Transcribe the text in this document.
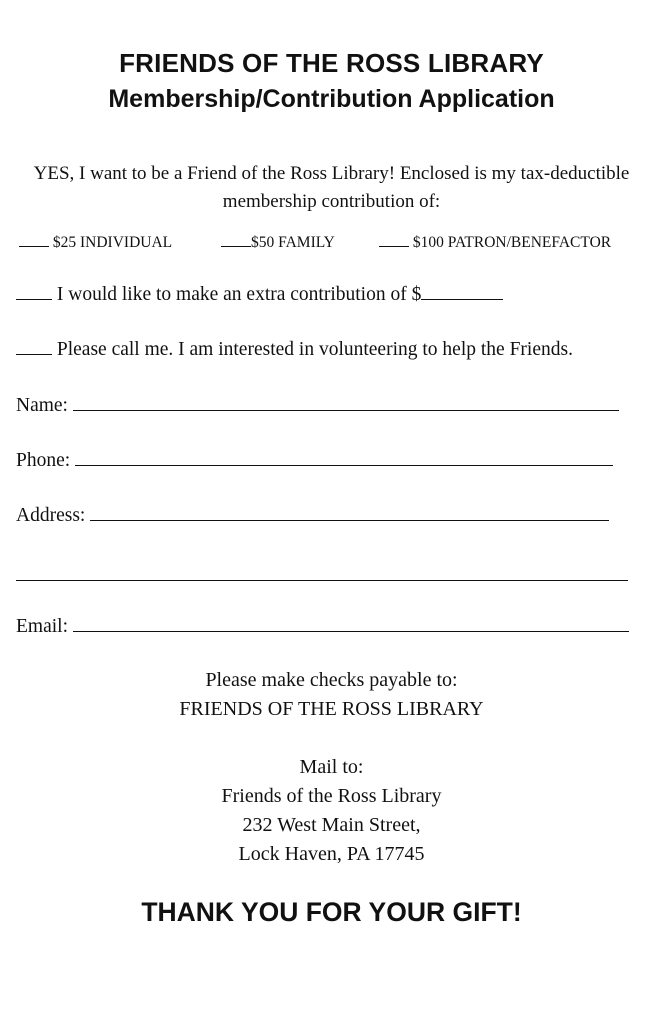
FRIENDS OF THE ROSS LIBRARY
Membership/Contribution Application
YES, I want to be a Friend of the Ross Library! Enclosed is my tax-deductible membership contribution of:
$25 INDIVIDUAL	$50 FAMILY	$100 PATRON/BENEFACTOR
I would like to make an extra contribution of $
Please call me. I am interested in volunteering to help the Friends.
Name:
Phone:
Address:
Email:
Please make checks payable to:
FRIENDS OF THE ROSS LIBRARY
Mail to:
Friends of the Ross Library
232 West Main Street,
Lock Haven, PA 17745
THANK YOU FOR YOUR GIFT!
